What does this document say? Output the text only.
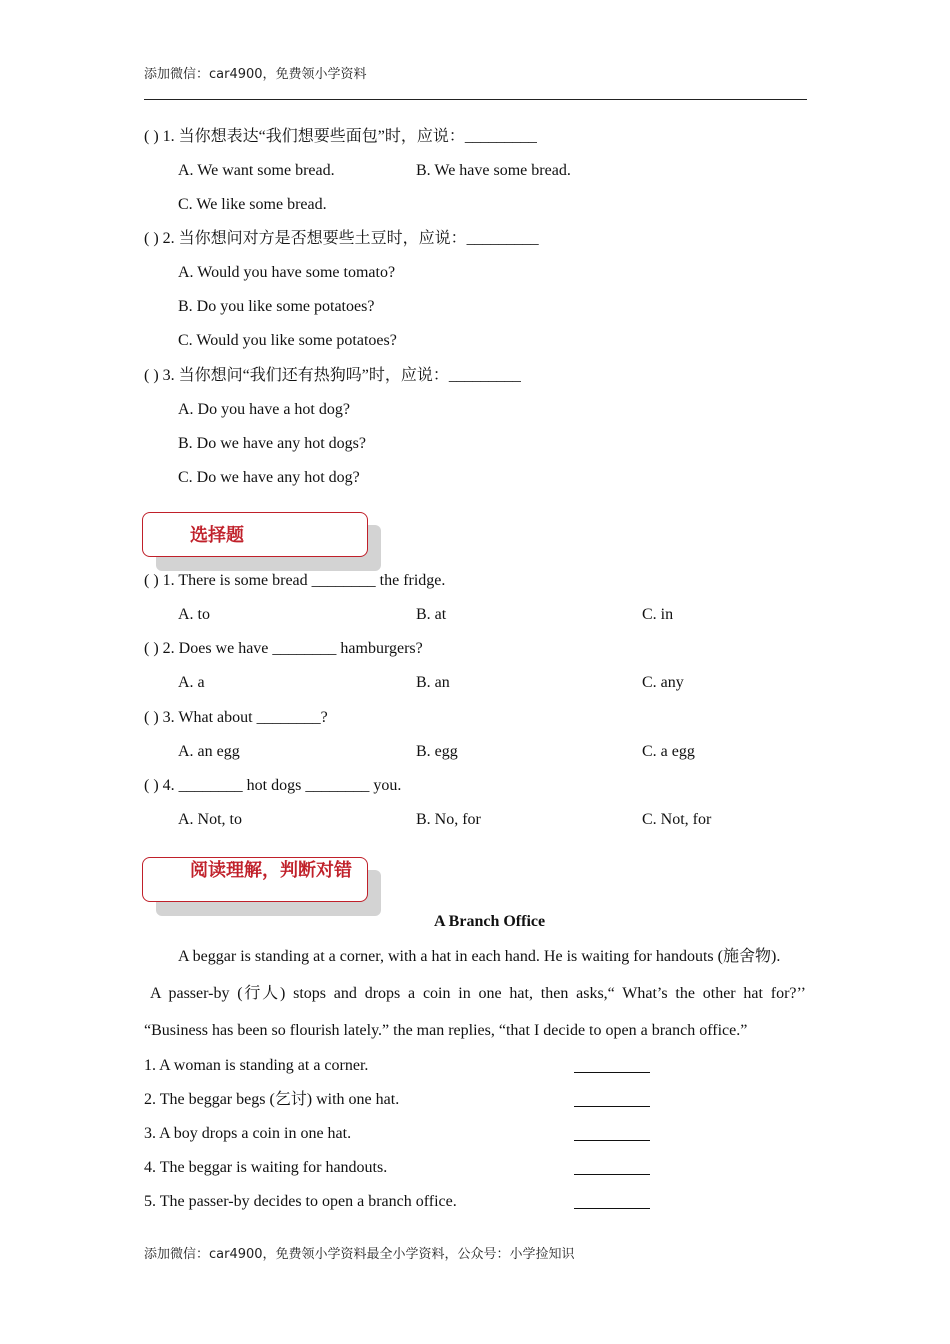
添加微信：car4900，免费领小学资料
( ) 1. 当你想表达“我们想要些面包”时，应说：_________
A. We want some bread.	B. We have some bread.
C. We like some bread.
( ) 2. 当你想问对方是否想要些土豆时，应说：_________
A. Would you have some tomato?
B. Do you like some potatoes?
C. Would you like some potatoes?
( ) 3. 当你想问“我们还有热狗吗”时，应说：_________
A. Do you have a hot dog?
B. Do we have any hot dogs?
C. Do we have any hot dog?
选择题
( ) 1. There is some bread ________ the fridge.
A. to	B. at	C. in
( ) 2. Does we have ________ hamburgers?
A. a	B. an	C. any
( ) 3. What about ________?
A. an egg	B. egg	C. a egg
( ) 4. ________ hot dogs ________ you.
A. Not, to	B. No, for	C. Not, for
阅读理解，判断对错
A Branch Office
A beggar is standing at a corner, with a hat in each hand. He is waiting for handouts (施舍物).
A passer-by (行人) stops and drops a coin in one hat, then asks,“ What’s the other hat for?’’
“Business has been so flourish lately.” the man replies, “that I decide to open a branch office.”
1. A woman is standing at a corner.
2. The beggar begs (乞讨) with one hat.
3. A boy drops a coin in one hat.
4. The beggar is waiting for handouts.
5. The passer-by decides to open a branch office.
添加微信：car4900，免费领小学资料最全小学资料，公众号：小学捡知识
